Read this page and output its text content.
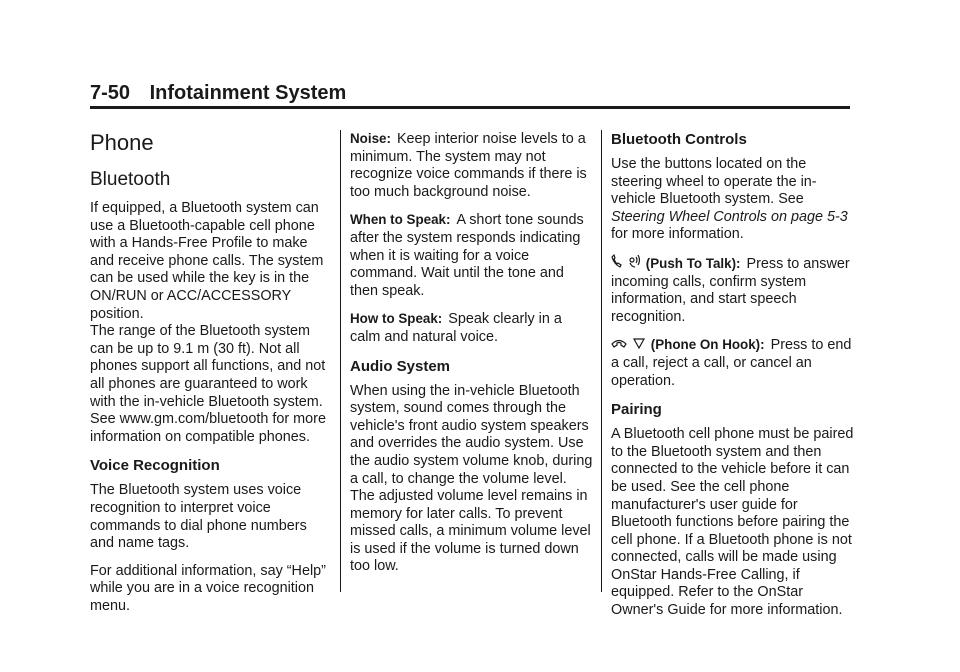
7-50 Infotainment System
Phone
Bluetooth

If equipped, a Bluetooth system can use a Bluetooth-capable cell phone with a Hands-Free Profile to make and receive phone calls. The system can be used while the key is in the ON/RUN or ACC/ACCESSORY position.

The range of the Bluetooth system can be up to 9.1 m (30 ft). Not all phones support all functions, and not all phones are guaranteed to work with the in-vehicle Bluetooth system. See www.gm.com/bluetooth for more information on compatible phones.

Voice Recognition

The Bluetooth system uses voice recognition to interpret voice commands to dial phone numbers and name tags.

For additional information, say “Help” while you are in a voice recognition menu.

Noise: Keep interior noise levels to a minimum. The system may not recognize voice commands if there is too much background noise.

When to Speak: A short tone sounds after the system responds indicating when it is waiting for a voice command. Wait until the tone and then speak.

How to Speak: Speak clearly in a calm and natural voice.

Audio System

When using the in-vehicle Bluetooth system, sound comes through the vehicle's front audio system speakers and overrides the audio system. Use the audio system volume knob, during a call, to change the volume level. The adjusted volume level remains in memory for later calls. To prevent missed calls, a minimum volume level is used if the volume is turned down too low.

Bluetooth Controls

Use the buttons located on the steering wheel to operate the in-vehicle Bluetooth system. See Steering Wheel Controls on page 5-3 for more information.

(Push To Talk): Press to answer incoming calls, confirm system information, and start speech recognition.

(Phone On Hook): Press to end a call, reject a call, or cancel an operation.

Pairing

A Bluetooth cell phone must be paired to the Bluetooth system and then connected to the vehicle before it can be used. See the cell phone manufacturer's user guide for Bluetooth functions before pairing the cell phone. If a Bluetooth phone is not connected, calls will be made using OnStar Hands-Free Calling, if equipped. Refer to the OnStar Owner's Guide for more information.
